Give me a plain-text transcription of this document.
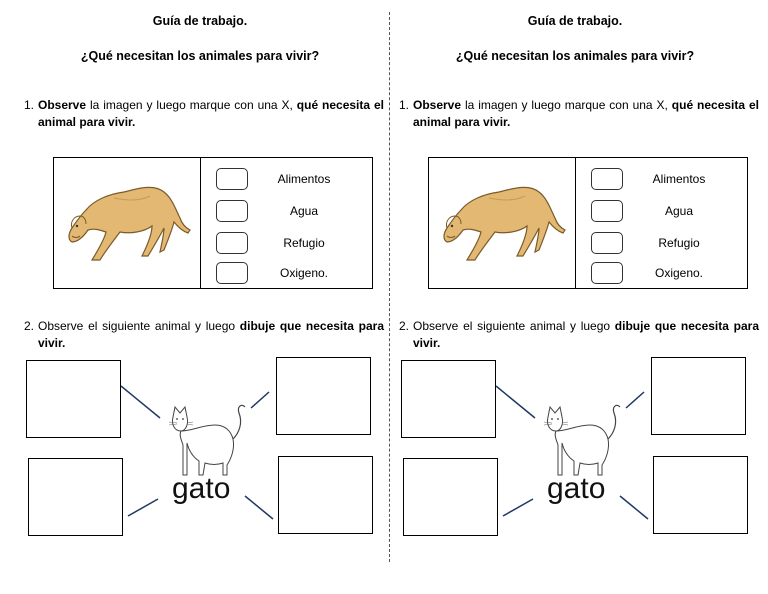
Guía de trabajo.
¿Qué necesitan los animales para vivir?
1. Observe la imagen y luego marque con una X, qué necesita el animal para vivir.
Alimentos
Agua
Refugio
Oxigeno.
2. Observe el siguiente animal y luego dibuje que necesita para vivir.
gato
Guía de trabajo.
¿Qué necesitan los animales para vivir?
1. Observe la imagen y luego marque con una X, qué necesita el animal para vivir.
Alimentos
Agua
Refugio
Oxigeno.
2. Observe el siguiente animal y luego dibuje que necesita para vivir.
gato
